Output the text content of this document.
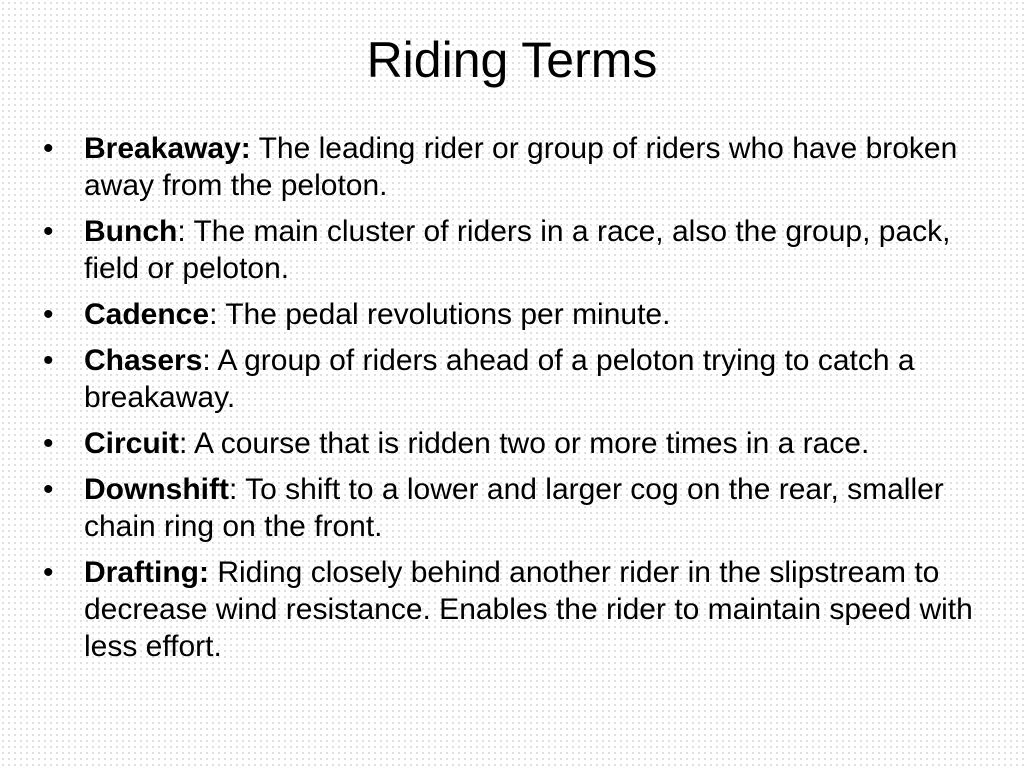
Riding Terms
• Breakaway: The leading rider or group of riders who have broken away from the peloton.
• Bunch: The main cluster of riders in a race, also the group, pack, field or peloton.
• Cadence: The pedal revolutions per minute.
• Chasers: A group of riders ahead of a peloton trying to catch a breakaway.
• Circuit: A course that is ridden two or more times in a race.
• Downshift: To shift to a lower and larger cog on the rear, smaller chain ring on the front.
• Drafting: Riding closely behind another rider in the slipstream to decrease wind resistance. Enables the rider to maintain speed with less effort.
